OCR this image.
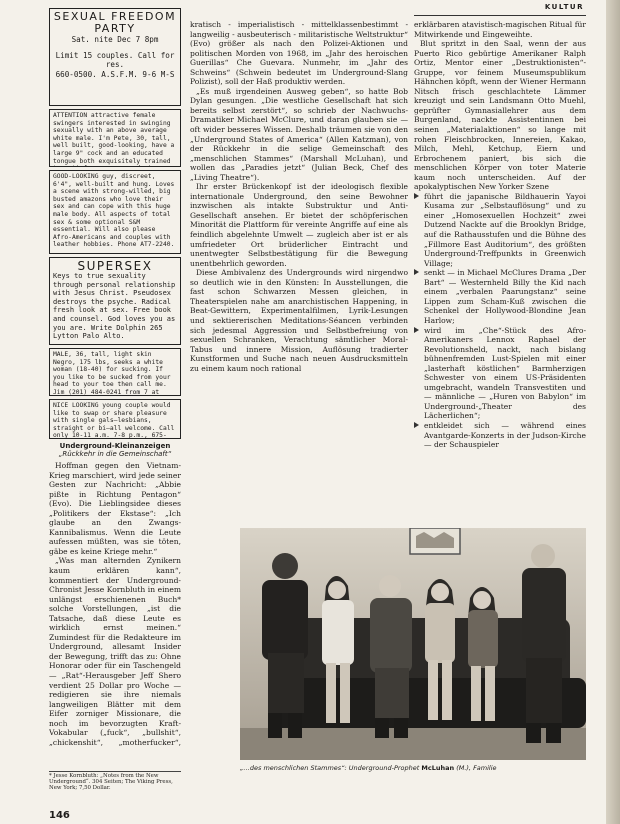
KULTUR
SEXUAL FREEDOM PARTY
Sat. nite Dec 7 8pm
Limit 15 couples. Call for res.
660-0500. A.S.F.M. 9-6 M-S
ATTENTION attractive female swingers interested in swinging sexually with an above average white male. I'm Pete, 30, tall, well built, good-looking, have a large 9" cock and an educated tongue both exquisitely trained
GOOD-LOOKING guy, discreet, 6'4", well-built and hung. Loves a scene with strong-willed, big busted amazons who love their sex and can cope with this huge male body. All aspects of total sex & some optional S&M essential. Will also please Afro-Americans and couples with leather hobbies. Phone AT7-2240.
SUPERSEX
Keys to true sexuality through personal relationship with Jesus Christ. Pseudosex destroys the psyche. Radical fresh look at sex. Free book and counsel. God loves you as you are. Write Dolphin 265 Lytton Palo Alto.
MALE, 36, tall, light skin Negro, 175 lbs, seeks a white woman (18-40) for sucking. If you like to be sucked from your head to your toe then call me. Jim (201) 484-0241 from 7 at
NICE LOOKING young couple would like to swap or share pleasure with single gals—lesbians, straight or bi—all welcome. Call only 10-11 a.m. 7-8 p.m., 675-
Underground-Kleinanzeigen
„Rückkehr in die Gemeinschaft“

Hoffman gegen den Vietnam-Krieg marschiert, wird jede seiner Gesten zur Nachricht: „Abbie pißte in Richtung Pentagon“ (Evo). Die Lieblingsidee dieses „Politikers der Ekstase“: „Ich glaube an den Zwangs-Kannibalismus. Wenn die Leute aufessen müßten, was sie töten, gäbe es keine Kriege mehr.“

„Was man alternden Zynikern kaum erklären kann“, kommentiert der Underground-Chronist Jesse Kornbluth in einem unlängst erschienenen Buch* solche Vorstellungen, „ist die Tatsache, daß diese Leute es wirklich ernst meinen.“ Zumindest für die Redakteure im Underground, allesamt Insider der Bewegung, trifft das zu: Ohne Honorar oder für ein Taschengeld — „Rat“-Herausgeber Jeff Shero verdient 25 Dollar pro Woche — redigieren sie ihre niemals langweiligen Blätter mit dem Eifer zorniger Missionare, die noch im bevorzugten Kraft-Vokabular („fuck“, „bullshit“, „chickenshit“, „motherfucker“,

* Jesse Kornbluth: „Notes from the New Underground“. 304 Seiten; The Viking Press, New York; 7,50 Dollar.
146

kratisch - imperialistisch - mittelklassenbestimmt - langweilig - ausbeuterisch - militaristische Weltstruktur“ (Evo) größer als nach den Polizei-Aktionen und politischen Morden von 1968, im „Jahr des heroischen Guerillas“ Che Guevara. Nunmehr, im „Jahr des Schweins“ (Schwein bedeutet im Underground-Slang Polizist), soll der Haß produktiv werden.

„Es muß irgendeinen Ausweg geben“, so hatte Bob Dylan gesungen. „Die westliche Gesellschaft hat sich bereits selbst zerstört“, so schrieb der Nachwuchs-Dramatiker Michael McClure, und daran glauben sie — oft wider besseres Wissen. Deshalb träumen sie von den „Underground States of America“ (Allen Katzman), von der Rückkehr in die selige Gemeinschaft des „menschlichen Stammes“ (Marshall McLuhan), und wollen das „Paradies jetzt“ (Julian Beck, Chef des „Living Theatre“).

Ihr erster Brückenkopf ist der ideologisch flexible internationale Underground, den seine Bewohner inzwischen als intakte Substruktur und Anti-Gesellschaft ansehen. Er bietet der schöpferischen Minorität die Plattform für vereinte Angriffe auf eine als feindlich abgelehnte Umwelt — zugleich aber ist er als umfriedeter Ort brüderlicher Eintracht und unentwegter Selbstbestätigung für die Bewegung unentbehrlich geworden.

Diese Ambivalenz des Undergrounds wird nirgendwo so deutlich wie in den Künsten: In Ausstellungen, die fast schon Schwarzen Messen gleichen, in Theaterspielen nahe am anarchistischen Happening, in Beat-Gewittern, Experimentalfilmen, Lyrik-Lesungen und sektiererischen Meditations-Séancen verbinden sich jedesmal Aggression und Selbstbefreiung von sexuellen Schranken, Verachtung sämtlicher Moral-Tabus und innere Mission, Auflösung tradierter Kunstformen und Suche nach neuen Ausdrucksmitteln zu einem kaum noch rational

erklärbaren atavistisch-magischen Ritual für Mitwirkende und Eingeweihte.

Blut spritzt in den Saal, wenn der aus Puerto Rico gebürtige Amerikaner Ralph Ortiz, Mentor einer „Destruktionisten“-Gruppe, vor feinem Museumspublikum Hähnchen köpft, wenn der Wiener Hermann Nitsch frisch geschlachtete Lämmer kreuzigt und sein Landsmann Otto Muehl, geprüfter Gymnasiallehrer aus dem Burgenland, nackte Assistentinnen bei seinen „Materialaktionen“ so lange mit rohen Fleischbrocken, Innereien, Kakao, Milch, Mehl, Ketchup, Eiern und Erbrochenem paniert, bis sich die menschlichen Körper von toter Materie kaum noch unterscheiden. Auf der apokalyptischen New Yorker Szene

führt die japanische Bildhauerin Yayoi Kusama zur „Selbstauflösung“ und zu einer „Homosexuellen Hochzeit“ zwei Dutzend Nackte auf die Brooklyn Bridge, auf die Rathausstufen und die Bühne des „Fillmore East Auditorium“, des größten Underground-Treffpunkts in Greenwich Village;
senkt — in Michael McClures Drama „Der Bart“ — Westernheld Billy the Kid nach einem „verbalen Paarungstanz“ seine Lippen zum Scham-Kuß zwischen die Schenkel der Hollywood-Blondine Jean Harlow;
wird im „Che“-Stück des Afro-Amerikaners Lennox Raphael der Revolutionsheld, nackt, nach bislang bühnenfremden Lust-Spielen mit einer „lasterhaft köstlichen“ Barmherzigen Schwester von einem US-Präsidenten umgebracht, wandeln Transvestiten und — männliche — „Huren von Babylon“ im Underground-„Theater des Lächerlichen“;
entkleidet sich — während eines Avantgarde-Konzerts in der Judson-Kirche — der Schauspieler
„…des menschlichen Stammes“: Underground-Prophet McLuhan (M.), Familie
